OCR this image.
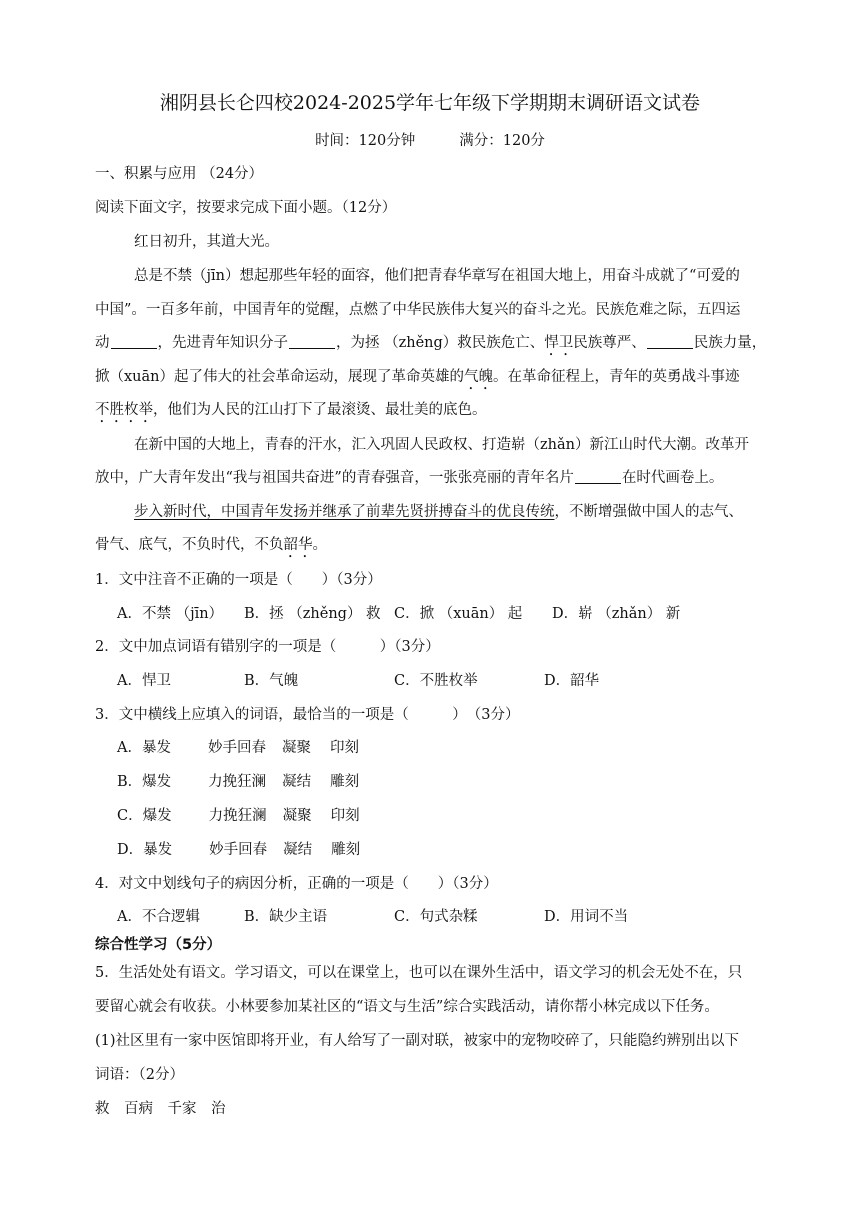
湘阴县长仑四校2024-2025学年七年级下学期期末调研语文试卷
时间：120分钟	满分：120分
一、积累与应用 （24分）
阅读下面文字，按要求完成下面小题。（12分）
红日初升，其道大光。
总是不禁（jīn）想起那些年轻的面容，他们把青春华章写在祖国大地上，用奋斗成就了“可爱的
中国”。一百多年前，中国青年的觉醒，点燃了中华民族伟大复兴的奋斗之光。民族危难之际，五四运
动	，先进青年知识分子	，为拯 （zhěng）救民族危亡、悍卫民族尊严、	民族力量，
掀（xuān）起了伟大的社会革命运动，展现了革命英雄的气魄。在革命征程上，青年的英勇战斗事迹
不胜枚举，他们为人民的江山打下了最滚烫、最壮美的底色。
在新中国的大地上，青春的汗水，汇入巩固人民政权、打造崭（zhǎn）新江山时代大潮。改革开
放中，广大青年发出“我与祖国共奋进”的青春强音，一张张亮丽的青年名片	在时代画卷上。
步入新时代，中国青年发扬并继承了前辈先贤拼搏奋斗的优良传统，不断增强做中国人的志气、
骨气、底气，不负时代，不负韶华。
1．文中注音不正确的一项是（　　）（3分）
A．不禁 （jīn） B．拯 （zhěng） 救 C．掀 （xuān） 起 D．崭 （zhǎn） 新
2．文中加点词语有错别字的一项是（　　　）（3分）
A．悍卫	B．气魄	C．不胜枚举	D．韶华
3．文中横线上应填入的词语，最恰当的一项是（　　　）　（3分）
A．暴发	妙手回春 凝聚 印刻
B．爆发	力挽狂澜 凝结 雕刻
C．爆发	力挽狂澜 凝聚 印刻
D．暴发	妙手回春 凝结 雕刻
4．对文中划线句子的病因分析，正确的一项是（　　）（3分）
A．不合逻辑	B．缺少主语	C．句式杂糅	D．用词不当
综合性学习（5分）
5．生活处处有语文。学习语文，可以在课堂上，也可以在课外生活中，语文学习的机会无处不在，只
要留心就会有收获。小林要参加某社区的“语文与生活”综合实践活动，请你帮小林完成以下任务。
(1)社区里有一家中医馆即将开业，有人给写了一副对联，被家中的宠物咬碎了，只能隐约辨别出以下
词语：（2分）
救　百病　千家　治
